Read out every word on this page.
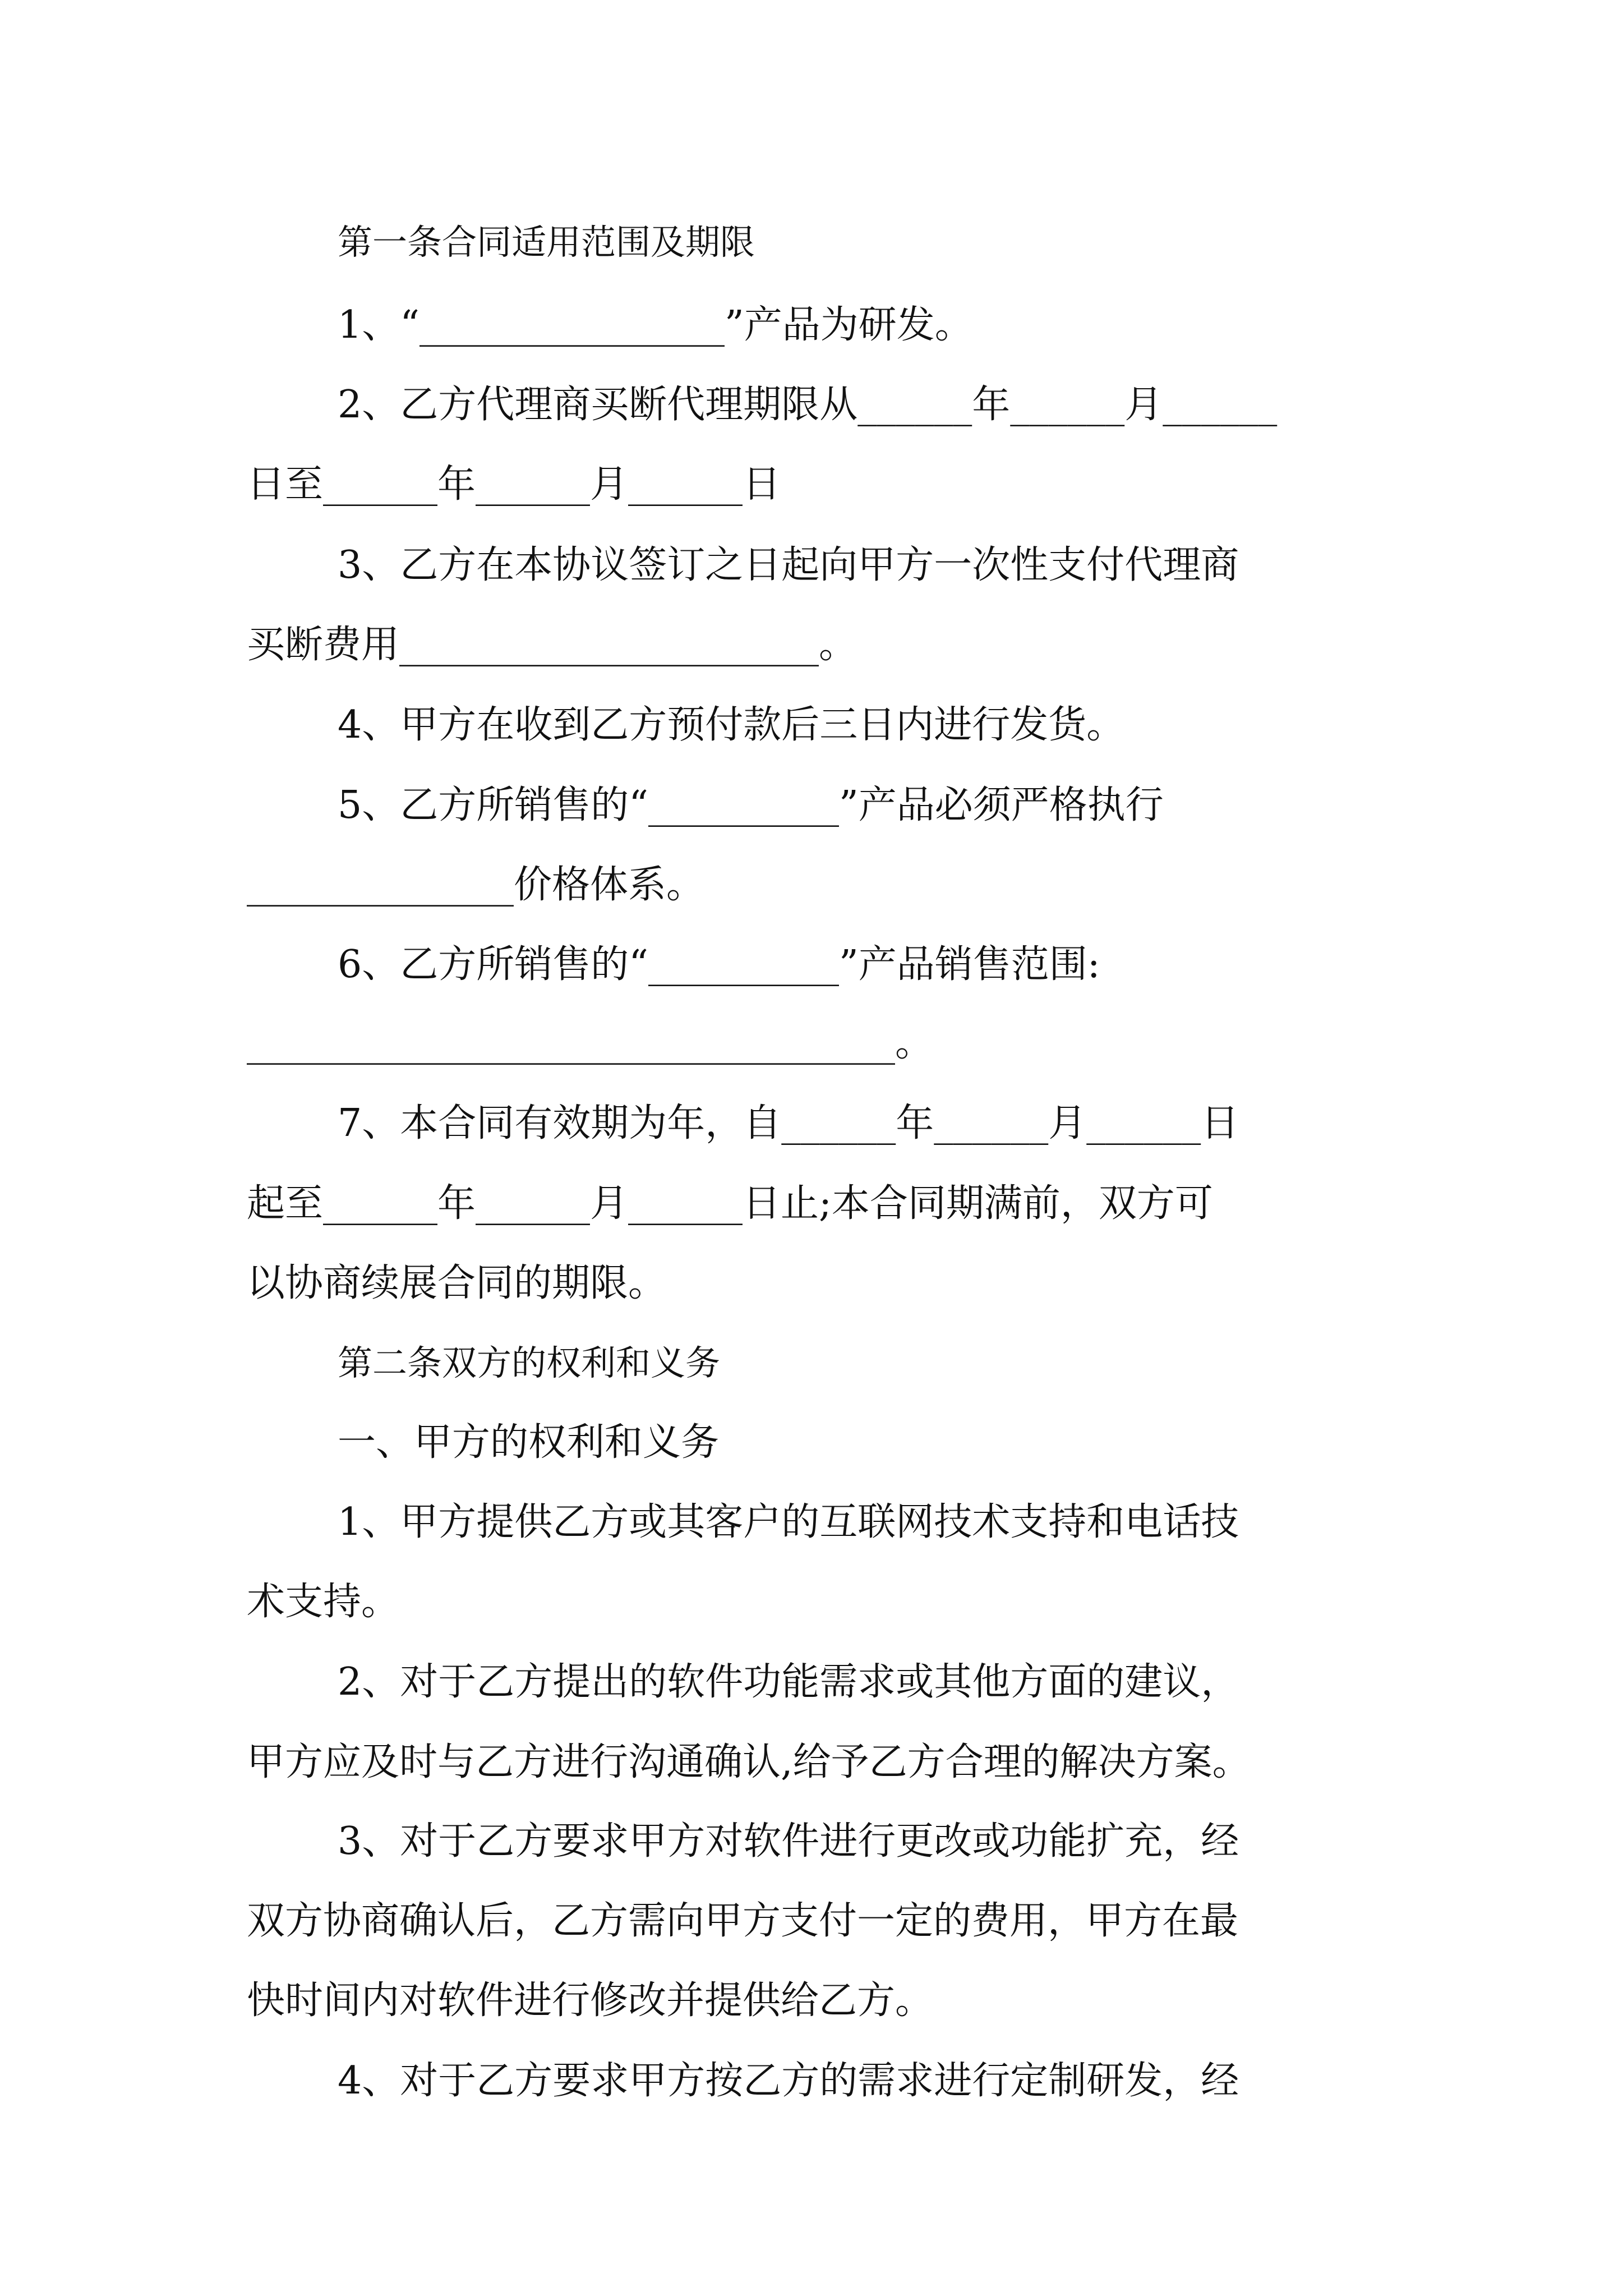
第一条合同适用范围及期限
1、“________________”产品为研发。
2、乙方代理商买断代理期限从______年______月______
日至______年______月______日
3、乙方在本协议签订之日起向甲方一次性支付代理商
买断费用______________________。
4、甲方在收到乙方预付款后三日内进行发货。
5、乙方所销售的“__________”产品必须严格执行
______________价格体系。
6、乙方所销售的“__________”产品销售范围:
__________________________________。
7、本合同有效期为年，自______年______月______日
起至______年______月______日止;本合同期满前，双方可
以协商续展合同的期限。
第二条双方的权利和义务
一、甲方的权利和义务
1、甲方提供乙方或其客户的互联网技术支持和电话技
术支持。
2、对于乙方提出的软件功能需求或其他方面的建议，
甲方应及时与乙方进行沟通确认,给予乙方合理的解决方案。
3、对于乙方要求甲方对软件进行更改或功能扩充，经
双方协商确认后，乙方需向甲方支付一定的费用，甲方在最
快时间内对软件进行修改并提供给乙方。
4、对于乙方要求甲方按乙方的需求进行定制研发，经
